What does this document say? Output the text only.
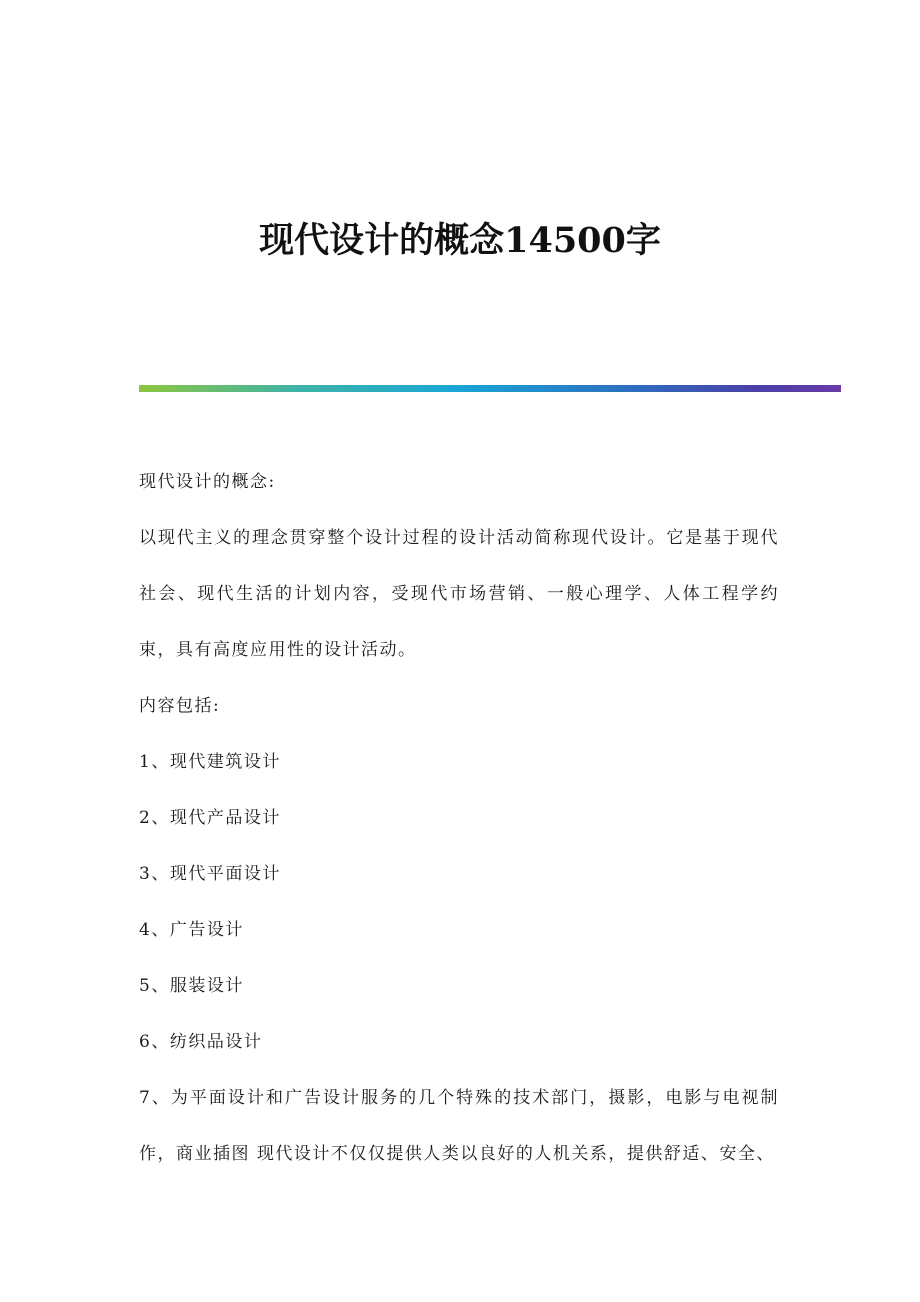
现代设计的概念14500字

现代设计的概念:

以现代主义的理念贯穿整个设计过程的设计活动简称现代设计。它是基于现代社会、现代生活的计划内容，受现代市场营销、一般心理学、人体工程学约束，具有高度应用性的设计活动。

内容包括:

1、现代建筑设计

2、现代产品设计

3、现代平面设计

4、广告设计

5、服装设计

6、纺织品设计

7、为平面设计和广告设计服务的几个特殊的技术部门，摄影，电影与电视制作，商业插图 现代设计不仅仅提供人类以良好的人机关系，提供舒适、安全、
